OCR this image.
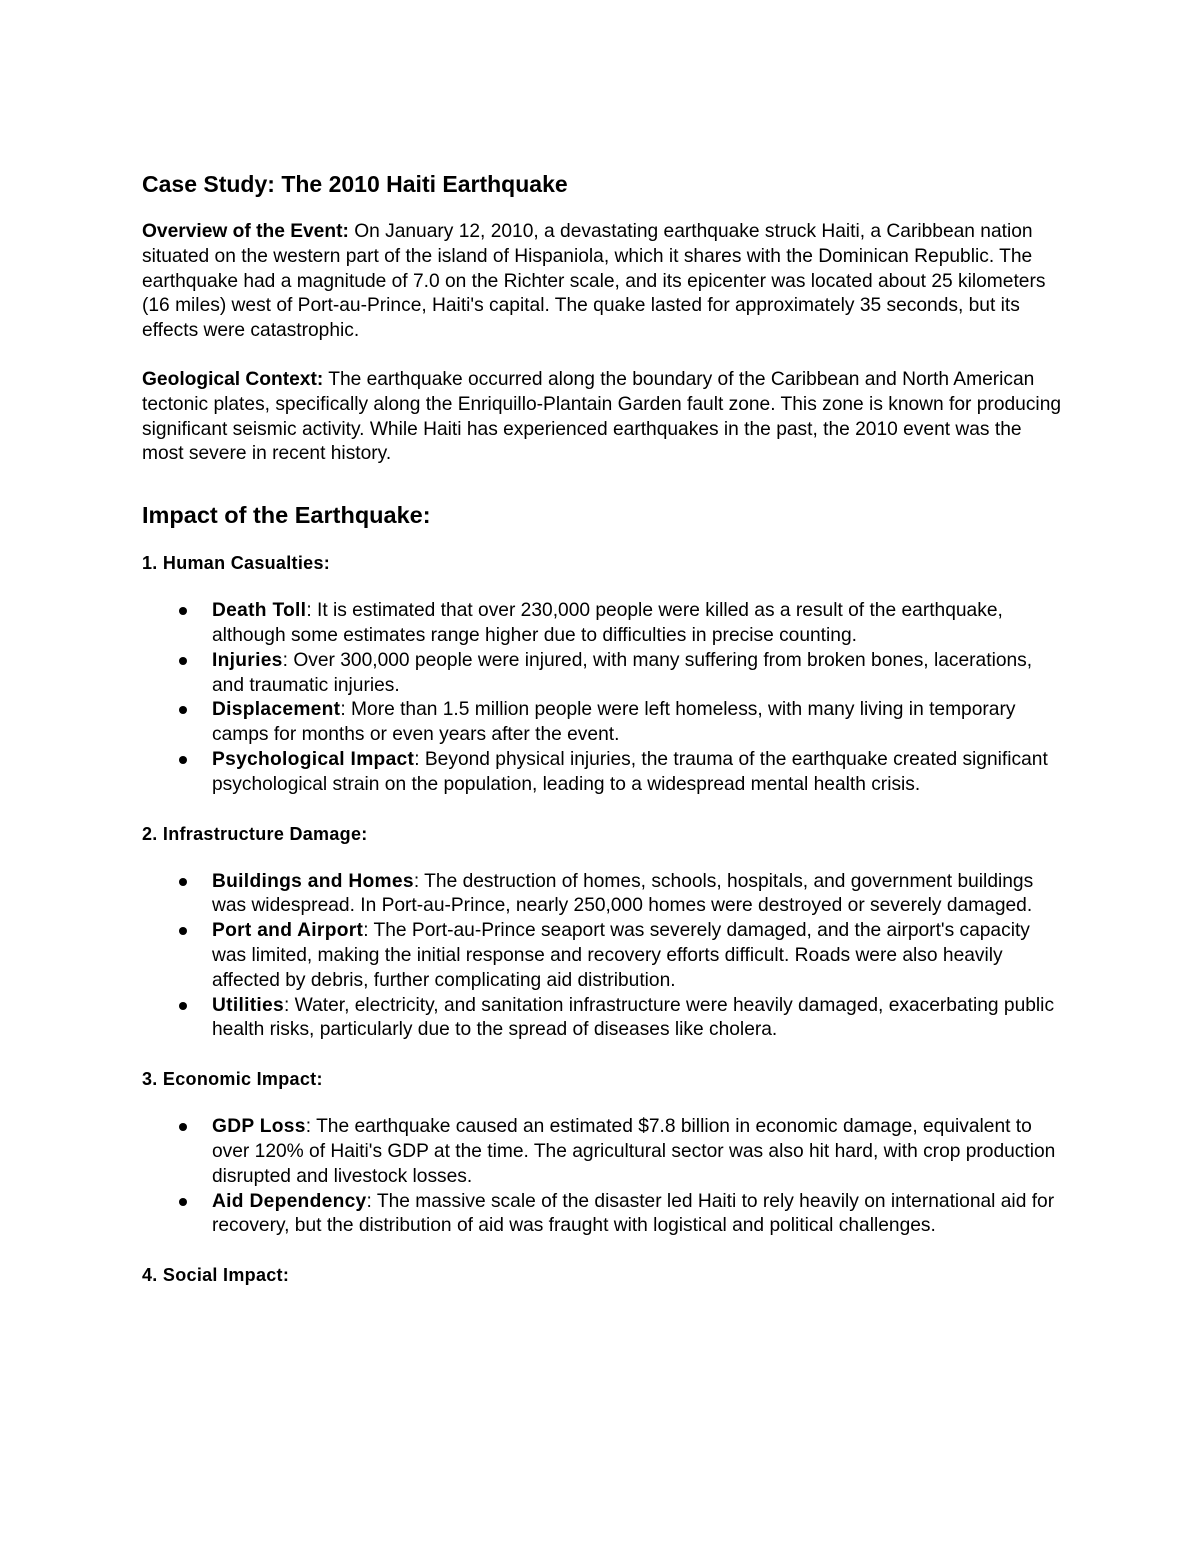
Case Study: The 2010 Haiti Earthquake

Overview of the Event: On January 12, 2010, a devastating earthquake struck Haiti, a Caribbean nation situated on the western part of the island of Hispaniola, which it shares with the Dominican Republic. The earthquake had a magnitude of 7.0 on the Richter scale, and its epicenter was located about 25 kilometers (16 miles) west of Port-au-Prince, Haiti's capital. The quake lasted for approximately 35 seconds, but its effects were catastrophic.

Geological Context: The earthquake occurred along the boundary of the Caribbean and North American tectonic plates, specifically along the Enriquillo-Plantain Garden fault zone. This zone is known for producing significant seismic activity. While Haiti has experienced earthquakes in the past, the 2010 event was the most severe in recent history.

Impact of the Earthquake:
1. Human Casualties:
Death Toll: It is estimated that over 230,000 people were killed as a result of the earthquake, although some estimates range higher due to difficulties in precise counting.
Injuries: Over 300,000 people were injured, with many suffering from broken bones, lacerations, and traumatic injuries.
Displacement: More than 1.5 million people were left homeless, with many living in temporary camps for months or even years after the event.
Psychological Impact: Beyond physical injuries, the trauma of the earthquake created significant psychological strain on the population, leading to a widespread mental health crisis.
2. Infrastructure Damage:
Buildings and Homes: The destruction of homes, schools, hospitals, and government buildings was widespread. In Port-au-Prince, nearly 250,000 homes were destroyed or severely damaged.
Port and Airport: The Port-au-Prince seaport was severely damaged, and the airport's capacity was limited, making the initial response and recovery efforts difficult. Roads were also heavily affected by debris, further complicating aid distribution.
Utilities: Water, electricity, and sanitation infrastructure were heavily damaged, exacerbating public health risks, particularly due to the spread of diseases like cholera.
3. Economic Impact:
GDP Loss: The earthquake caused an estimated $7.8 billion in economic damage, equivalent to over 120% of Haiti's GDP at the time. The agricultural sector was also hit hard, with crop production disrupted and livestock losses.
Aid Dependency: The massive scale of the disaster led Haiti to rely heavily on international aid for recovery, but the distribution of aid was fraught with logistical and political challenges.
4. Social Impact:
